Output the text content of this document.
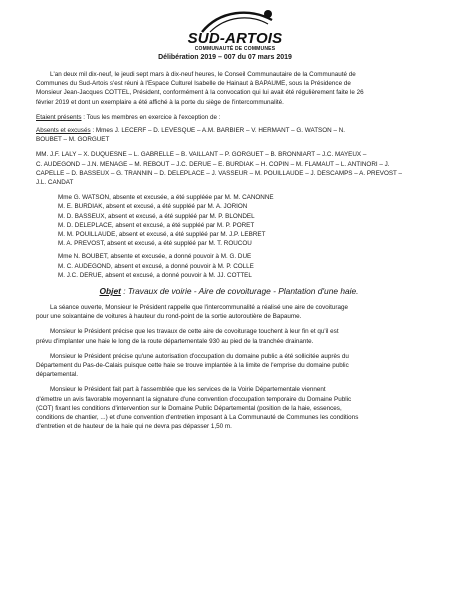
SUD-ARTOIS
COMMUNAUTÉ DE COMMUNES
Délibération 2019 – 007 du 07 mars 2019

L'an deux mil dix-neuf, le jeudi sept mars à dix-neuf heures, le Conseil Communautaire de la Communauté de

Communes du Sud-Artois s'est réuni à l'Espace Culturel Isabelle de Hainaut à BAPAUME, sous la Présidence de

Monsieur Jean-Jacques COTTEL, Président, conformément à la convocation qui lui avait été régulièrement faite le 26

février 2019 et dont un exemplaire a été affiché à la porte du siège de l'intercommunalité.

Etaient présents : Tous les membres en exercice à l'exception de :

Absents et excusés : Mmes J. LECERF – D. LEVESQUE – A.M. BARBIER – V. HERMANT – G. WATSON – N.

BOUBET – M. GORGUET

MM. J.F. LALY – X. DUQUESNE – L. GABRELLE – B. VAILLANT – P. GORGUET – B. BRONNIART – J.C. MAYEUX –

C. AUDEGOND – J.N. MENAGE – M. REBOUT – J.C. DERUE – E. BURDIAK – H. COPIN – M. FLAMAUT – L. ANTINORI – J.

CAPELLE – D. BASSEUX – G. TRANNIN – D. DELEPLACE – J. VASSEUR – M. POUILLAUDE – J. DESCAMPS – A. PREVOST –

J.L. CANDAT

Mme G. WATSON, absente et excusée, a été suppléée par M. M. CANONNE

M. E. BURDIAK, absent et excusé, a été suppléé par M. A. JORION

M. D. BASSEUX, absent et excusé, a été suppléé par M. P. BLONDEL

M. D. DELEPLACE, absent et excusé, a été suppléé par M. P. PORET

M. M. POUILLAUDE, absent et excusé, a été suppléé par M. J.P. LEBRET

M. A. PREVOST, absent et excusé, a été suppléé par M. T. ROUCOU

Mme N. BOUBET, absente et excusée, a donné pouvoir à M. G. DUE

M. C. AUDEGOND, absent et excusé, a donné pouvoir à M. P. COLLE

M. J.C. DERUE, absent et excusé, a donné pouvoir à M. JJ. COTTEL

Objet : Travaux de voirie - Aire de covoiturage - Plantation d'une haie.

La séance ouverte, Monsieur le Président rappelle que l'intercommunalité a réalisé une aire de covoiturage

pour une soixantaine de voitures à hauteur du rond-point de la sortie autoroutière de Bapaume.

Monsieur le Président précise que les travaux de cette aire de covoiturage touchent à leur fin et qu'il est

prévu d'implanter une haie le long de la route départementale 930 au pied de la tranchée drainante.

Monsieur le Président précise qu'une autorisation d'occupation du domaine public a été sollicitée auprès du

Département du Pas-de-Calais puisque cette haie se trouve implantée à la limite de l'emprise du domaine public

départemental.

Monsieur le Président fait part à l'assemblée que les services de la Voirie Départementale viennent

d'émettre un avis favorable moyennant la signature d'une convention d'occupation temporaire du Domaine Public

(COT) fixant les conditions d'intervention sur le Domaine Public Départemental (position de la haie, essences,

conditions de chantier, ...) et d'une convention d'entretien imposant à La Communauté de Communes les conditions

d'entretien et de hauteur de la haie qui ne devra pas dépasser 1,50 m.
